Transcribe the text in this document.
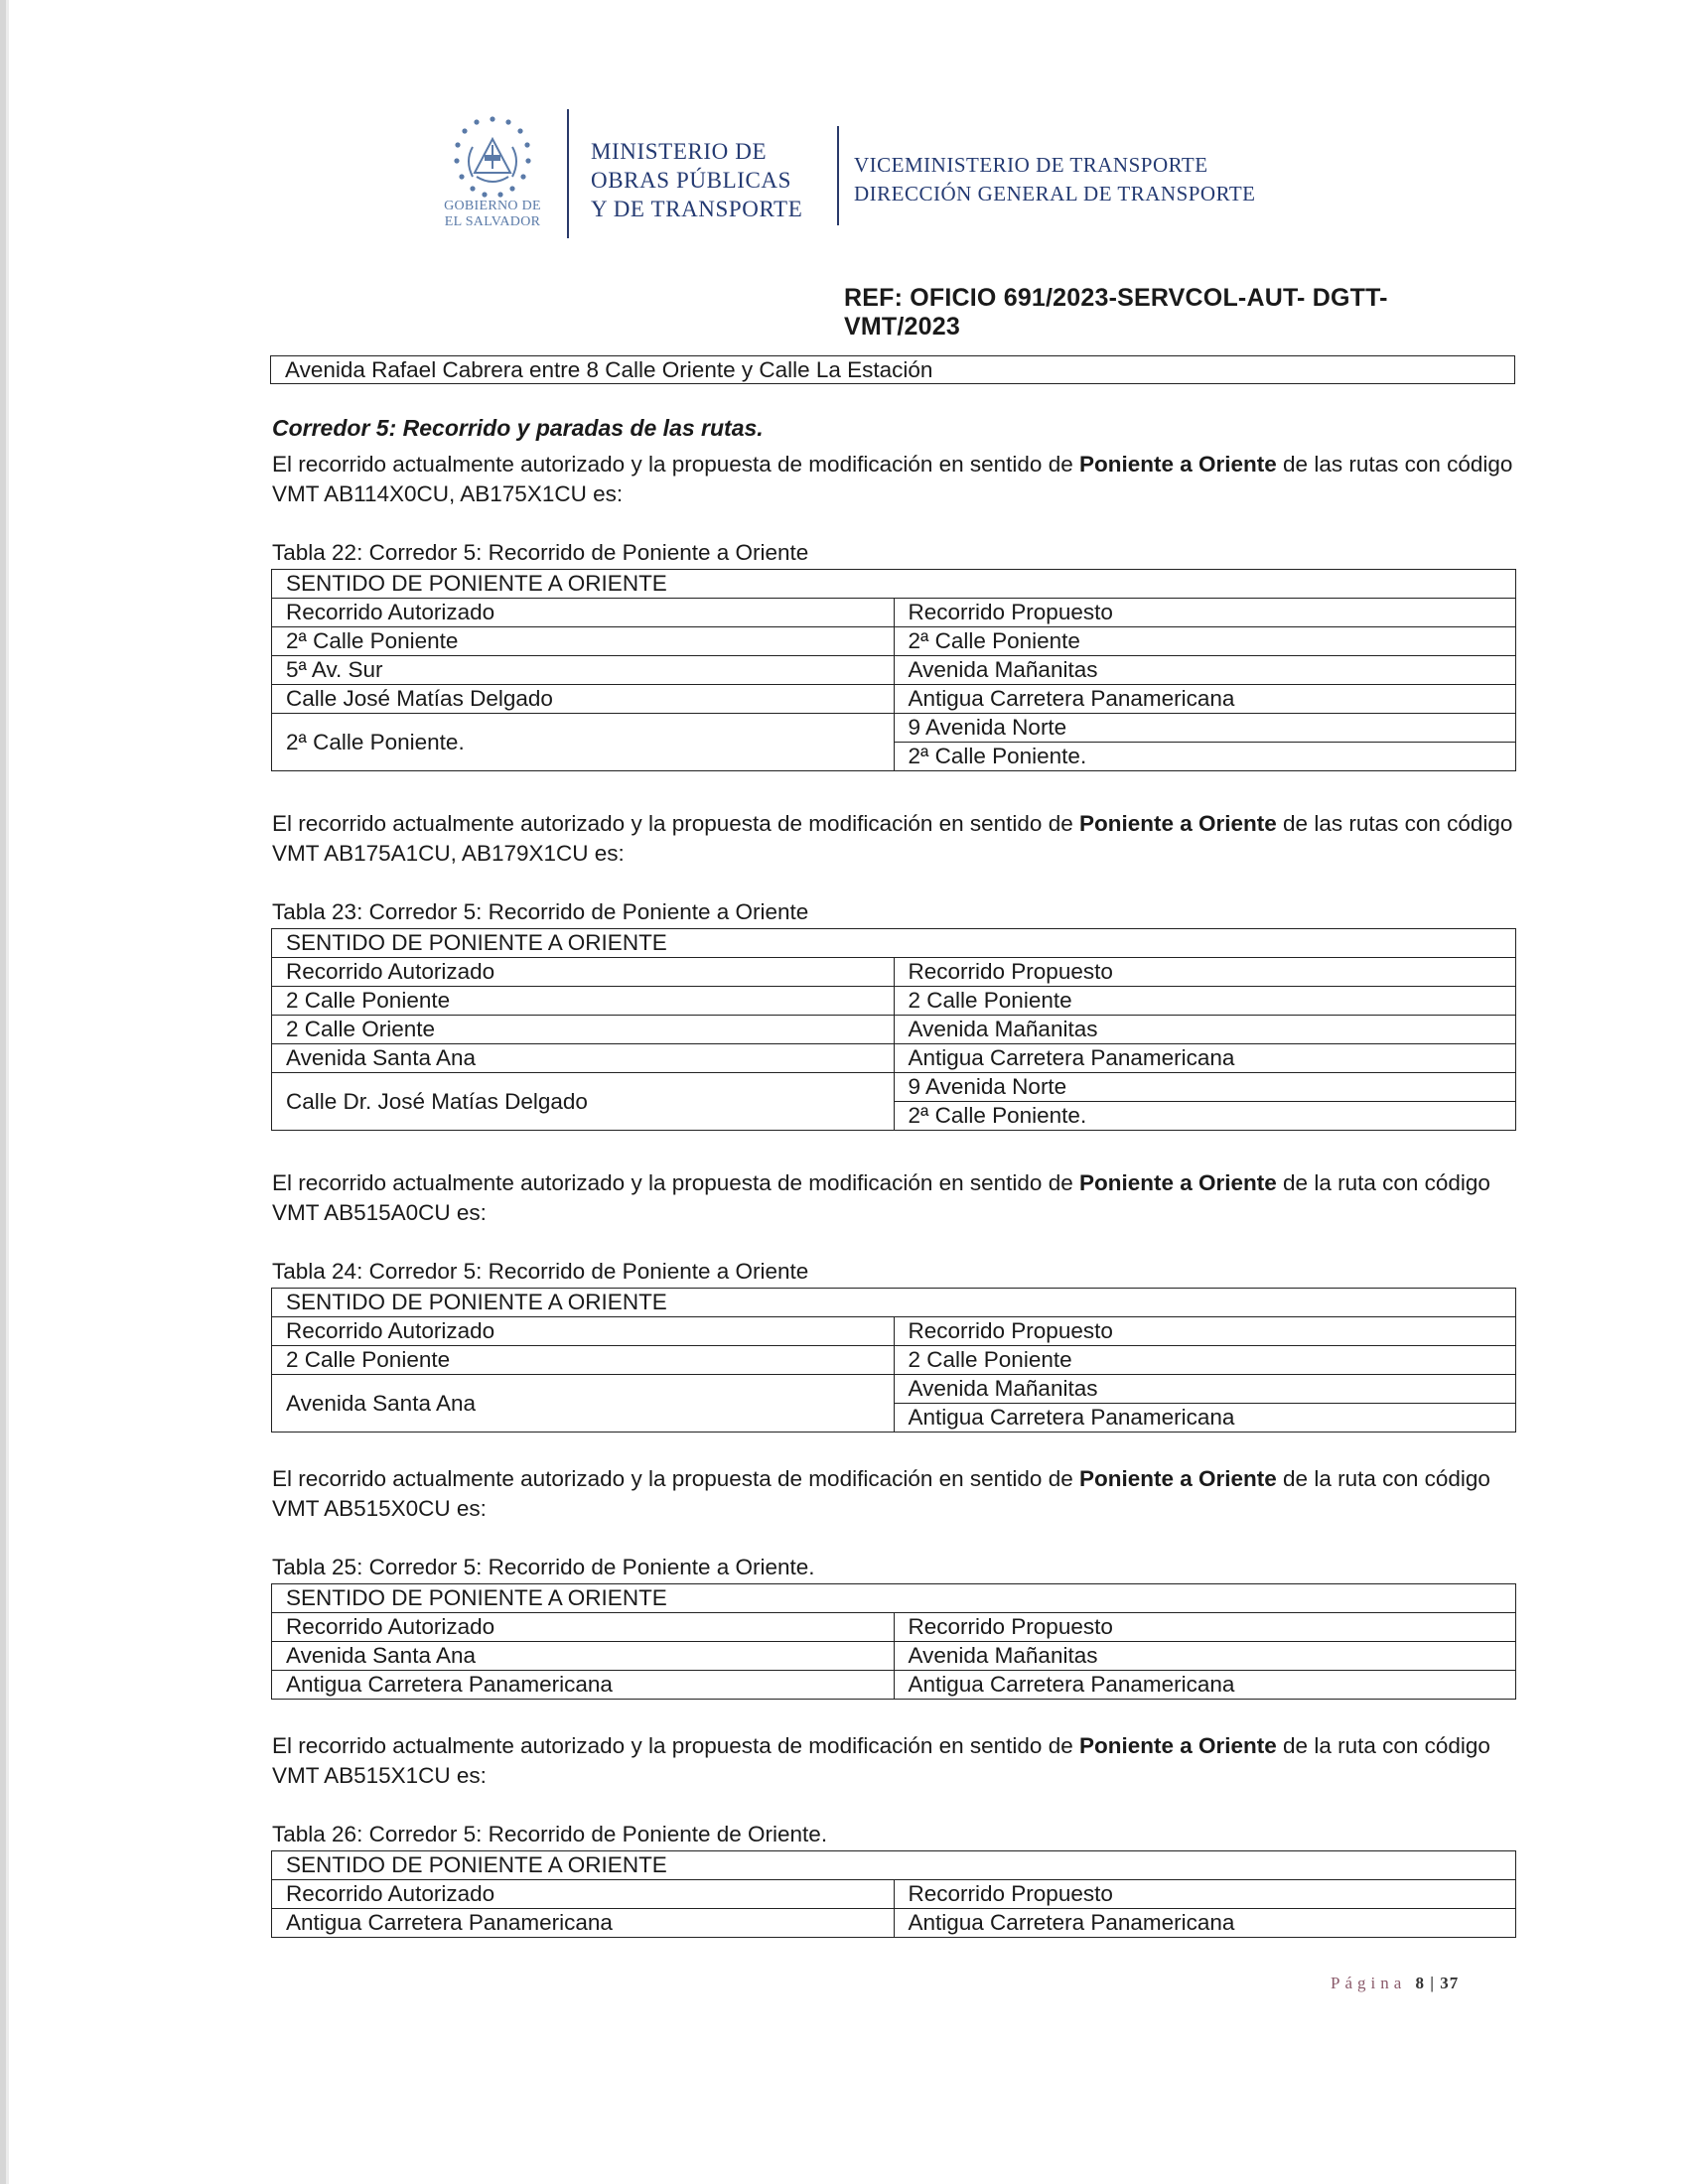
GOBIERNO DE
EL SALVADOR
MINISTERIO DE
OBRAS PÚBLICAS
Y DE TRANSPORTE
VICEMINISTERIO DE TRANSPORTE
DIRECCIÓN GENERAL DE TRANSPORTE
REF: OFICIO 691/2023-SERVCOL-AUT- DGTT-VMT/2023
Avenida Rafael Cabrera entre 8 Calle Oriente y Calle La Estación
Corredor 5: Recorrido y paradas de las rutas.
El recorrido actualmente autorizado y la propuesta de modificación en sentido de Poniente a Oriente de las rutas con código VMT AB114X0CU, AB175X1CU es:
Tabla 22: Corredor 5: Recorrido de Poniente a Oriente
SENTIDO DE PONIENTE A ORIENTE	
Recorrido Autorizado	Recorrido Propuesto
2ª Calle Poniente	2ª Calle Poniente
5ª Av. Sur	Avenida Mañanitas
Calle José Matías Delgado	Antigua Carretera Panamericana
2ª Calle Poniente.	9 Avenida Norte
	2ª Calle Poniente.
El recorrido actualmente autorizado y la propuesta de modificación en sentido de Poniente a Oriente de las rutas con código VMT AB175A1CU, AB179X1CU es:
Tabla 23: Corredor 5: Recorrido de Poniente a Oriente
SENTIDO DE PONIENTE A ORIENTE	
Recorrido Autorizado	Recorrido Propuesto
2 Calle Poniente	2 Calle Poniente
2 Calle Oriente	Avenida Mañanitas
Avenida Santa Ana	Antigua Carretera Panamericana
Calle Dr. José Matías Delgado	9 Avenida Norte
	2ª Calle Poniente.
El recorrido actualmente autorizado y la propuesta de modificación en sentido de Poniente a Oriente de la ruta con código VMT AB515A0CU es:
Tabla 24: Corredor 5: Recorrido de Poniente a Oriente
SENTIDO DE PONIENTE A ORIENTE	
Recorrido Autorizado	Recorrido Propuesto
2 Calle Poniente	2 Calle Poniente
Avenida Santa Ana	Avenida Mañanitas
	Antigua Carretera Panamericana
El recorrido actualmente autorizado y la propuesta de modificación en sentido de Poniente a Oriente de la ruta con código VMT AB515X0CU es:
Tabla 25: Corredor 5: Recorrido de Poniente a Oriente.
SENTIDO DE PONIENTE A ORIENTE	
Recorrido Autorizado	Recorrido Propuesto
Avenida Santa Ana	Avenida Mañanitas
Antigua Carretera Panamericana	Antigua Carretera Panamericana
El recorrido actualmente autorizado y la propuesta de modificación en sentido de Poniente a Oriente de la ruta con código VMT AB515X1CU es:
Tabla 26: Corredor 5: Recorrido de Poniente de Oriente.
SENTIDO DE PONIENTE A ORIENTE	
Recorrido Autorizado	Recorrido Propuesto
Antigua Carretera Panamericana	Antigua Carretera Panamericana
Página 8 | 37
